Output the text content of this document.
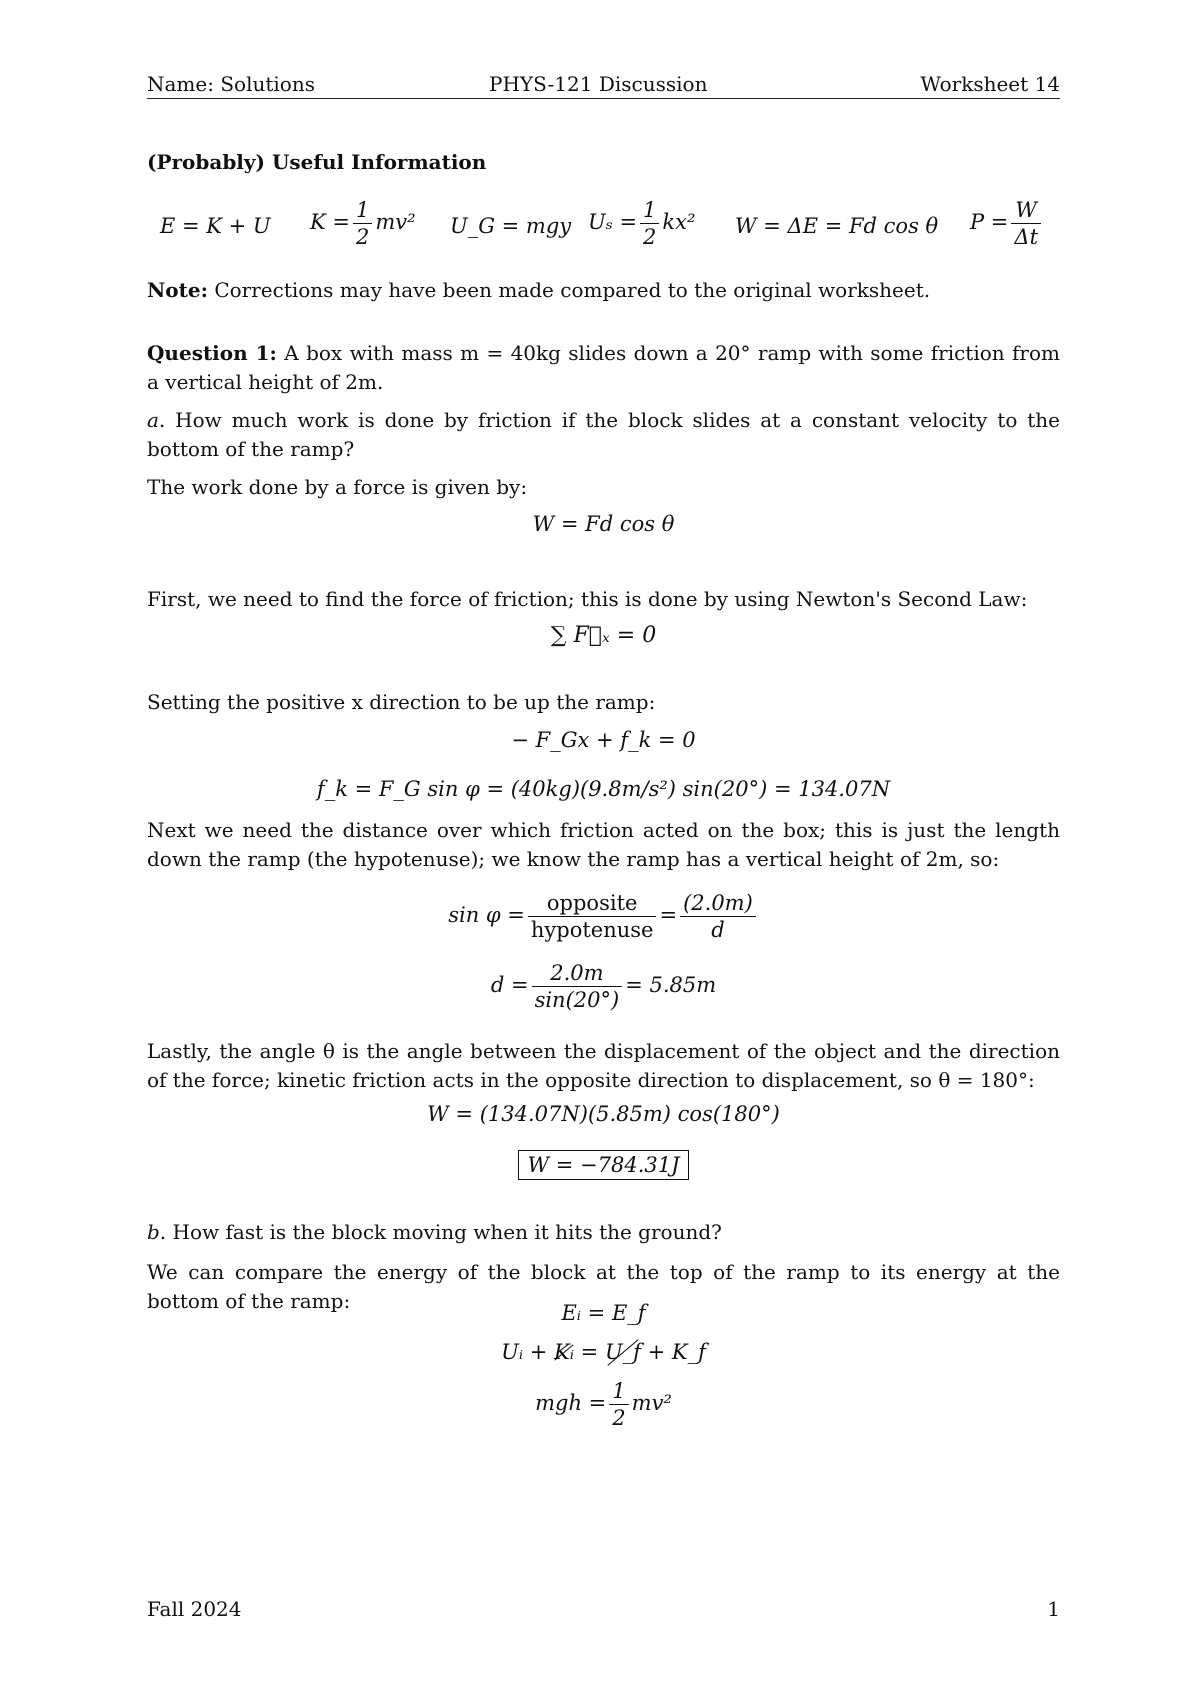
Name: Solutions	PHYS-121 Discussion	Worksheet 14
(Probably) Useful Information
E = K + U $K = \frac{1}{2} mv^2$ U_G = mgy $U_s = \frac{1}{2} kx^2$ W = ΔE = Fd cos θ $P = \frac{W}{\Delta t}$
Note: Corrections may have been made compared to the original worksheet.
Question 1: A box with mass m = 40kg slides down a 20° ramp with some friction from a vertical height of 2m.
a. How much work is done by friction if the block slides at a constant velocity to the bottom of the ramp?
The work done by a force is given by:
W = Fd cos θ
First, we need to find the force of friction; this is done by using Newton's Second Law:
∑ F⃗ₓ = 0
Setting the positive x direction to be up the ramp:
− F_Gx + f_k = 0
f_k = F_G sin φ = (40kg)(9.8m/s²) sin(20°) = 134.07N
Next we need the distance over which friction acted on the box; this is just the length down the ramp (the hypotenuse); we know the ramp has a vertical height of 2m, so:
$\sin \varphi = \frac{\text{opposite}}{\text{hypotenuse}} = \frac{(2.0m)}{d}$
$d = \frac{2.0m}{\sin(20^\circ)} = 5.85m$
Lastly, the angle θ is the angle between the displacement of the object and the direction of the force; kinetic friction acts in the opposite direction to displacement, so θ = 180°:
W = (134.07N)(5.85m) cos(180°)
W = −784.31J
b. How fast is the block moving when it hits the ground?
We can compare the energy of the block at the top of the ramp to its energy at the bottom of the ramp:	Eᵢ = E_f
Uᵢ + Kᵢ = U_f + K_f
mgh = $\frac{1}{2} mv^2$
Fall 2024	1
